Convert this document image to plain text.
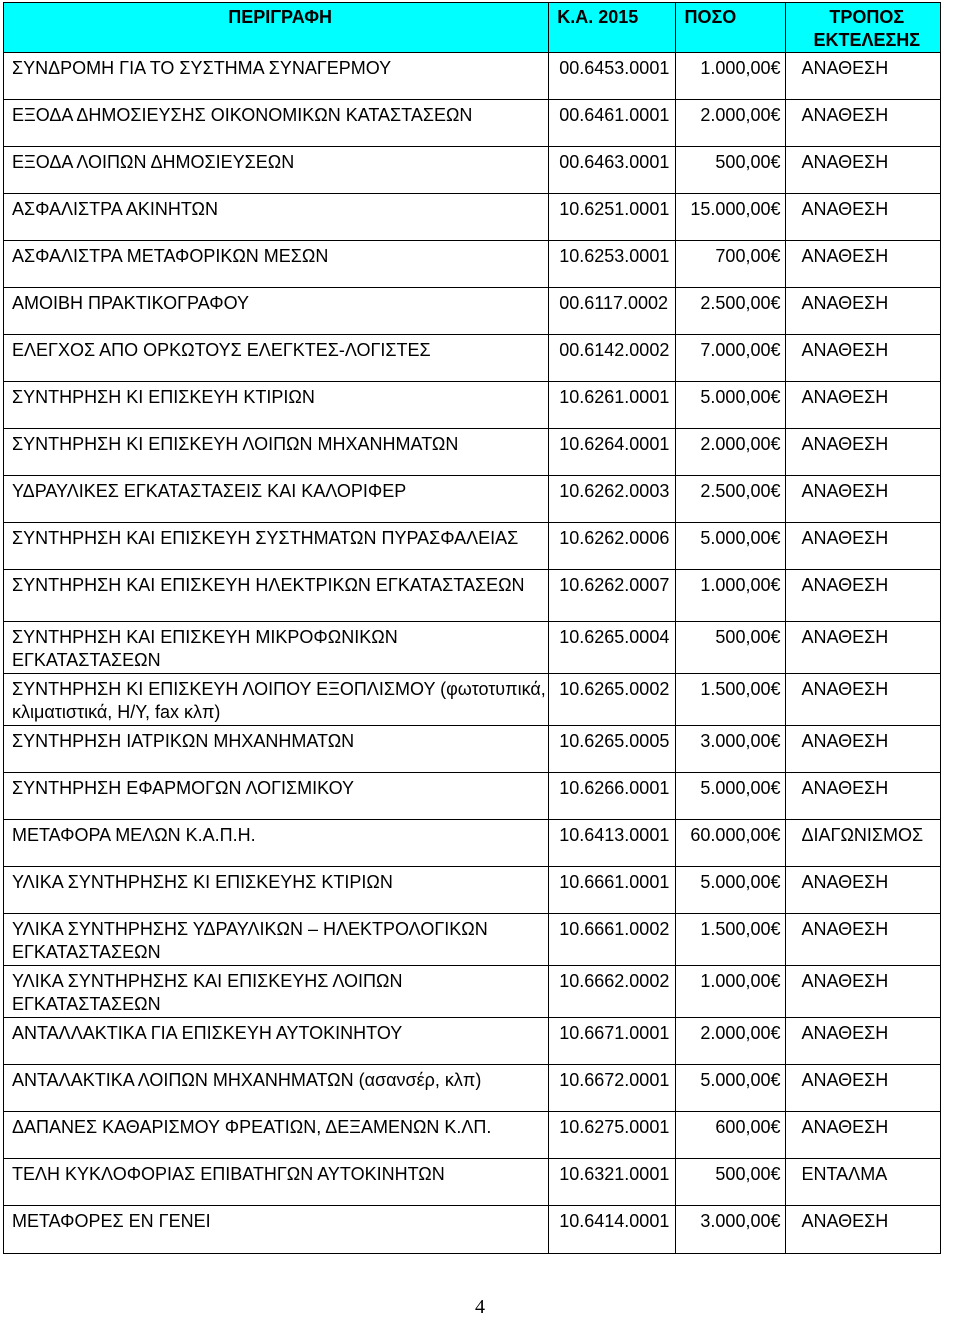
ΠΕΡΙΓΡΑΦΗ	Κ.Α. 2015	ΠΟΣΟ	ΤΡΟΠΟΣ
ΕΚΤΕΛΕΣΗΣ

ΣΥΝΔΡΟΜΗ ΓΙΑ ΤΟ ΣΥΣΤΗΜΑ ΣΥΝΑΓΕΡΜΟΥ	00.6453.0001	1.000,00€	ΑΝΑΘΕΣΗ
ΕΞΟΔΑ ΔΗΜΟΣΙΕΥΣΗΣ ΟΙΚΟΝΟΜΙΚΩΝ ΚΑΤΑΣΤΑΣΕΩΝ	00.6461.0001	2.000,00€	ΑΝΑΘΕΣΗ
ΕΞΟΔΑ ΛΟΙΠΩΝ ΔΗΜΟΣΙΕΥΣΕΩΝ	00.6463.0001	500,00€	ΑΝΑΘΕΣΗ
ΑΣΦΑΛΙΣΤΡΑ ΑΚΙΝΗΤΩΝ	10.6251.0001	15.000,00€	ΑΝΑΘΕΣΗ
ΑΣΦΑΛΙΣΤΡΑ ΜΕΤΑΦΟΡΙΚΩΝ ΜΕΣΩΝ	10.6253.0001	700,00€	ΑΝΑΘΕΣΗ
ΑΜΟΙΒΗ ΠΡΑΚΤΙΚΟΓΡΑΦΟΥ	00.6117.0002	2.500,00€	ΑΝΑΘΕΣΗ
ΕΛΕΓΧΟΣ ΑΠΟ ΟΡΚΩΤΟΥΣ ΕΛΕΓΚΤΕΣ-ΛΟΓΙΣΤΕΣ	00.6142.0002	7.000,00€	ΑΝΑΘΕΣΗ
ΣΥΝΤΗΡΗΣΗ ΚΙ ΕΠΙΣΚΕΥΗ ΚΤΙΡΙΩΝ	10.6261.0001	5.000,00€	ΑΝΑΘΕΣΗ
ΣΥΝΤΗΡΗΣΗ ΚΙ ΕΠΙΣΚΕΥΗ ΛΟΙΠΩΝ ΜΗΧΑΝΗΜΑΤΩΝ	10.6264.0001	2.000,00€	ΑΝΑΘΕΣΗ
ΥΔΡΑΥΛΙΚΕΣ ΕΓΚΑΤΑΣΤΑΣΕΙΣ ΚΑΙ ΚΑΛΟΡΙΦΕΡ	10.6262.0003	2.500,00€	ΑΝΑΘΕΣΗ
ΣΥΝΤΗΡΗΣΗ ΚΑΙ ΕΠΙΣΚΕΥΗ ΣΥΣΤΗΜΑΤΩΝ ΠΥΡΑΣΦΑΛΕΙΑΣ	10.6262.0006	5.000,00€	ΑΝΑΘΕΣΗ
ΣΥΝΤΗΡΗΣΗ ΚΑΙ ΕΠΙΣΚΕΥΗ ΗΛΕΚΤΡΙΚΩΝ ΕΓΚΑΤΑΣΤΑΣΕΩΝ	10.6262.0007	1.000,00€	ΑΝΑΘΕΣΗ
ΣΥΝΤΗΡΗΣΗ ΚΑΙ ΕΠΙΣΚΕΥΗ ΜΙΚΡΟΦΩΝΙΚΩΝ ΕΓΚΑΤΑΣΤΑΣΕΩΝ	10.6265.0004	500,00€	ΑΝΑΘΕΣΗ
ΣΥΝΤΗΡΗΣΗ ΚΙ ΕΠΙΣΚΕΥΗ ΛΟΙΠΟΥ ΕΞΟΠΛΙΣΜΟΥ (φωτοτυπικά, κλιματιστικά, Η/Υ, fax κλπ)	10.6265.0002	1.500,00€	ΑΝΑΘΕΣΗ
ΣΥΝΤΗΡΗΣΗ ΙΑΤΡΙΚΩΝ ΜΗΧΑΝΗΜΑΤΩΝ	10.6265.0005	3.000,00€	ΑΝΑΘΕΣΗ
ΣΥΝΤΗΡΗΣΗ ΕΦΑΡΜΟΓΩΝ ΛΟΓΙΣΜΙΚΟΥ	10.6266.0001	5.000,00€	ΑΝΑΘΕΣΗ
ΜΕΤΑΦΟΡΑ ΜΕΛΩΝ Κ.Α.Π.Η.	10.6413.0001	60.000,00€	ΔΙΑΓΩΝΙΣΜΟΣ
ΥΛΙΚΑ ΣΥΝΤΗΡΗΣΗΣ ΚΙ ΕΠΙΣΚΕΥΗΣ ΚΤΙΡΙΩΝ	10.6661.0001	5.000,00€	ΑΝΑΘΕΣΗ
ΥΛΙΚΑ ΣΥΝΤΗΡΗΣΗΣ ΥΔΡΑΥΛΙΚΩΝ – ΗΛΕΚΤΡΟΛΟΓΙΚΩΝ ΕΓΚΑΤΑΣΤΑΣΕΩΝ	10.6661.0002	1.500,00€	ΑΝΑΘΕΣΗ
ΥΛΙΚΑ ΣΥΝΤΗΡΗΣΗΣ ΚΑΙ ΕΠΙΣΚΕΥΗΣ ΛΟΙΠΩΝ ΕΓΚΑΤΑΣΤΑΣΕΩΝ	10.6662.0002	1.000,00€	ΑΝΑΘΕΣΗ
ΑΝΤΑΛΛΑΚΤΙΚΑ ΓΙΑ ΕΠΙΣΚΕΥΗ ΑΥΤΟΚΙΝΗΤΟΥ	10.6671.0001	2.000,00€	ΑΝΑΘΕΣΗ
ΑΝΤΑΛΑΚΤΙΚΑ ΛΟΙΠΩΝ ΜΗΧΑΝΗΜΑΤΩΝ (ασανσέρ, κλπ)	10.6672.0001	5.000,00€	ΑΝΑΘΕΣΗ
ΔΑΠΑΝΕΣ ΚΑΘΑΡΙΣΜΟΥ ΦΡΕΑΤΙΩΝ, ΔΕΞΑΜΕΝΩΝ Κ.ΛΠ.	10.6275.0001	600,00€	ΑΝΑΘΕΣΗ
ΤΕΛΗ ΚΥΚΛΟΦΟΡΙΑΣ ΕΠΙΒΑΤΗΓΩΝ ΑΥΤΟΚΙΝΗΤΩΝ	10.6321.0001	500,00€	ΕΝΤΑΛΜΑ
ΜΕΤΑΦΟΡΕΣ ΕΝ ΓΕΝΕΙ	10.6414.0001	3.000,00€	ΑΝΑΘΕΣΗ
4
